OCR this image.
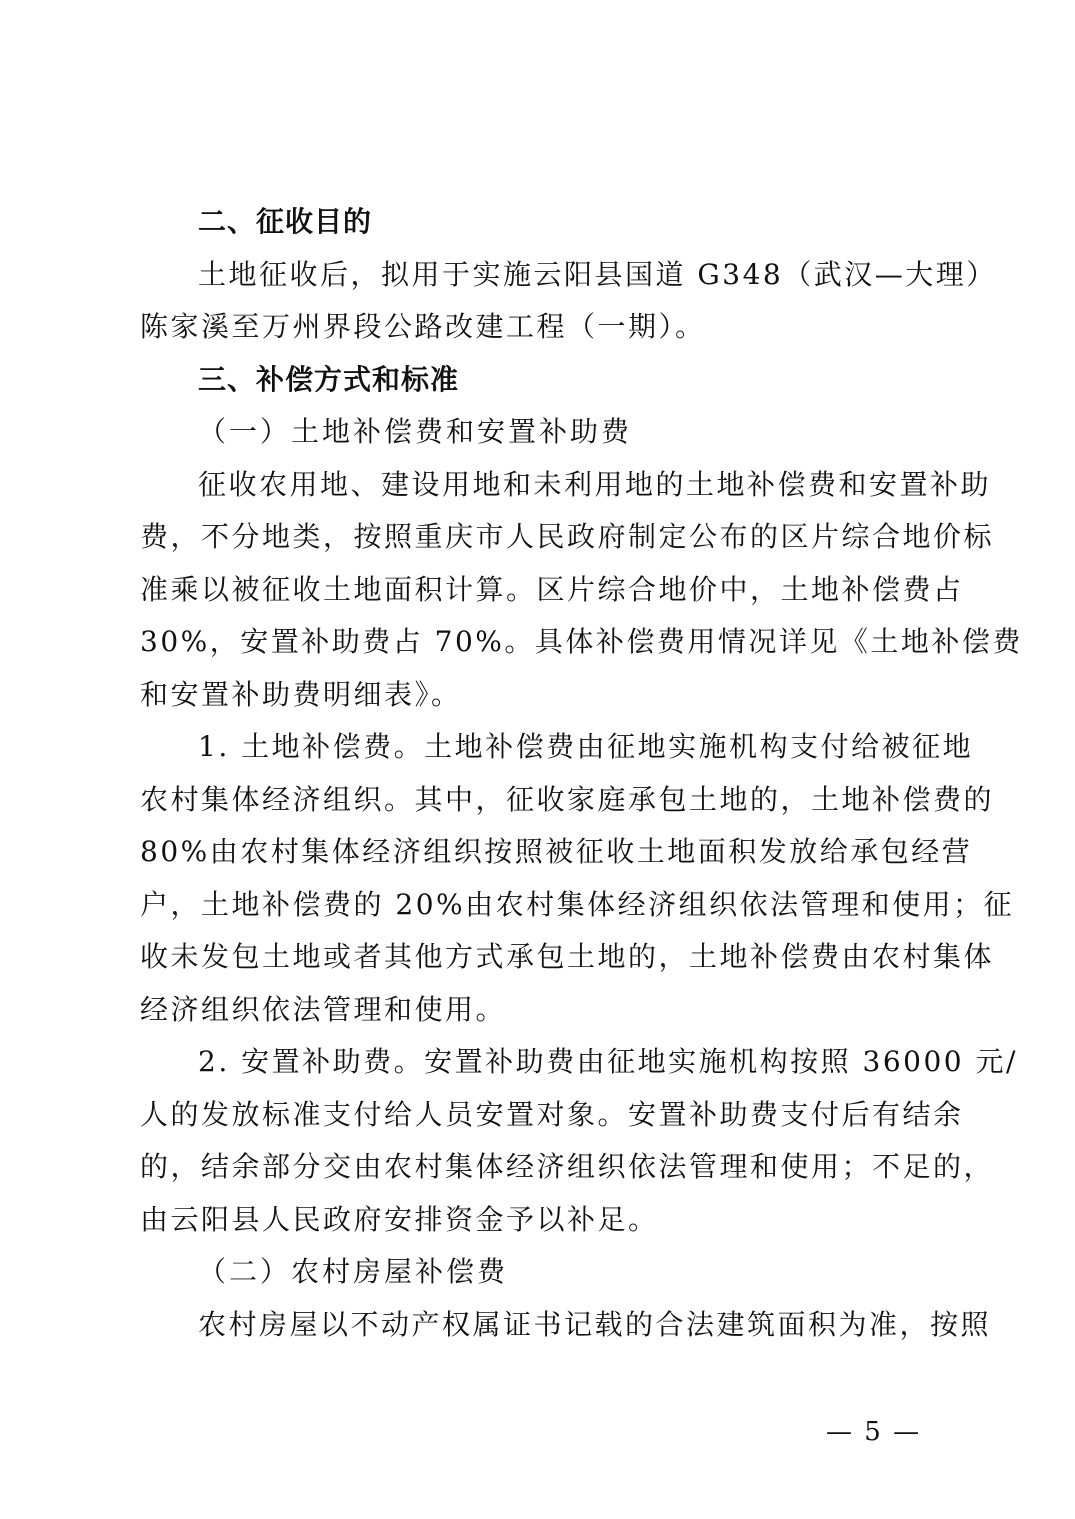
二、征收目的
土地征收后，拟用于实施云阳县国道 G348（武汉—大理）
陈家溪至万州界段公路改建工程（一期）。
三、补偿方式和标准
（一）土地补偿费和安置补助费
征收农用地、建设用地和未利用地的土地补偿费和安置补助
费，不分地类，按照重庆市人民政府制定公布的区片综合地价标
准乘以被征收土地面积计算。区片综合地价中，土地补偿费占
30%，安置补助费占 70%。具体补偿费用情况详见《土地补偿费
和安置补助费明细表》。
1. 土地补偿费。土地补偿费由征地实施机构支付给被征地
农村集体经济组织。其中，征收家庭承包土地的，土地补偿费的
80%由农村集体经济组织按照被征收土地面积发放给承包经营
户，土地补偿费的 20%由农村集体经济组织依法管理和使用；征
收未发包土地或者其他方式承包土地的，土地补偿费由农村集体
经济组织依法管理和使用。
2. 安置补助费。安置补助费由征地实施机构按照 36000 元/
人的发放标准支付给人员安置对象。安置补助费支付后有结余
的，结余部分交由农村集体经济组织依法管理和使用；不足的，
由云阳县人民政府安排资金予以补足。
（二）农村房屋补偿费
农村房屋以不动产权属证书记载的合法建筑面积为准，按照
— 5 —
